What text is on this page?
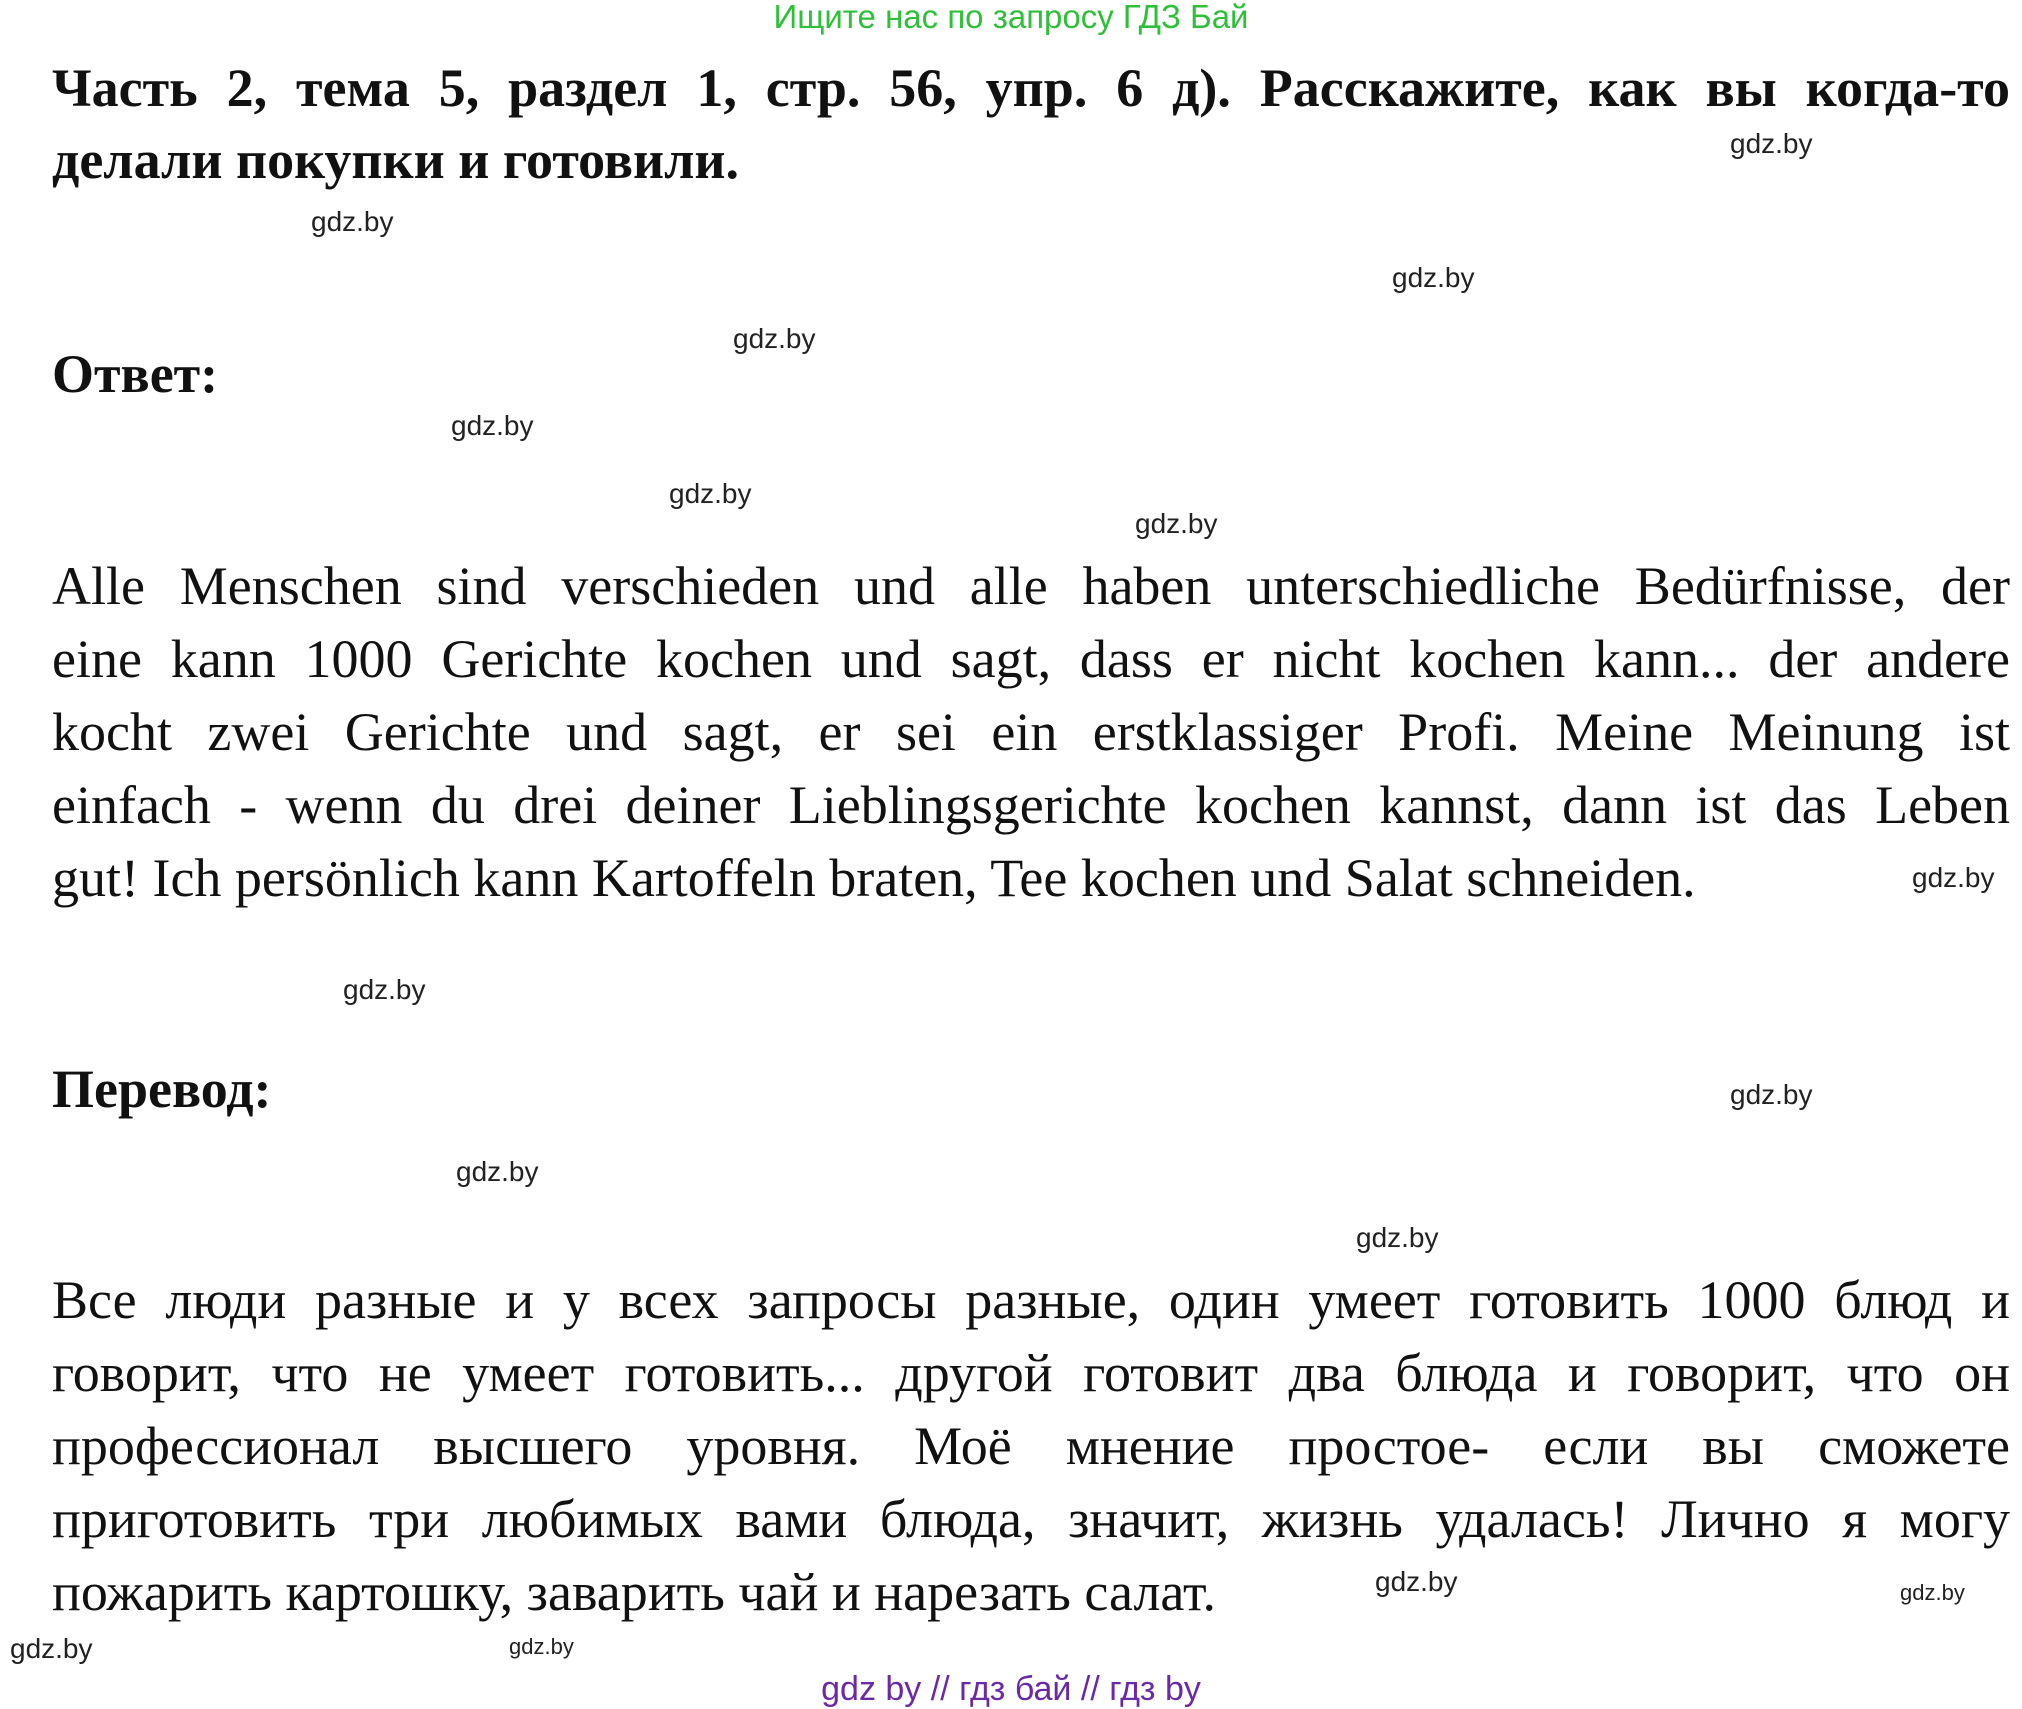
Ищите нас по запросу ГДЗ Бай
Часть 2, тема 5, раздел 1, стр. 56, упр. 6 д). Расскажите, как вы когда-то
делали покупки и готовили.
Ответ:
Alle Menschen sind verschieden und alle haben unterschiedliche Bedürfnisse, der
eine kann 1000 Gerichte kochen und sagt, dass er nicht kochen kann... der andere
kocht zwei Gerichte und sagt, er sei ein erstklassiger Profi. Meine Meinung ist
einfach - wenn du drei deiner Lieblingsgerichte kochen kannst, dann ist das Leben
gut! Ich persönlich kann Kartoffeln braten, Tee kochen und Salat schneiden.
Перевод:
Все люди разные и у всех запросы разные, один умеет готовить 1000 блюд и
говорит, что не умеет готовить... другой готовит два блюда и говорит, что он
профессионал высшего уровня. Моё мнение простое- если вы сможете
приготовить три любимых вами блюда, значит, жизнь удалась! Лично я могу
пожарить картошку, заварить чай и нарезать салат.
gdz.by
gdz.by
gdz.by
gdz.by
gdz.by
gdz.by
gdz.by
gdz.by
gdz.by
gdz.by
gdz.by
gdz.by
gdz.by
gdz.by
gdz.by
gdz.by
gdz by // гдз бай // гдз by
